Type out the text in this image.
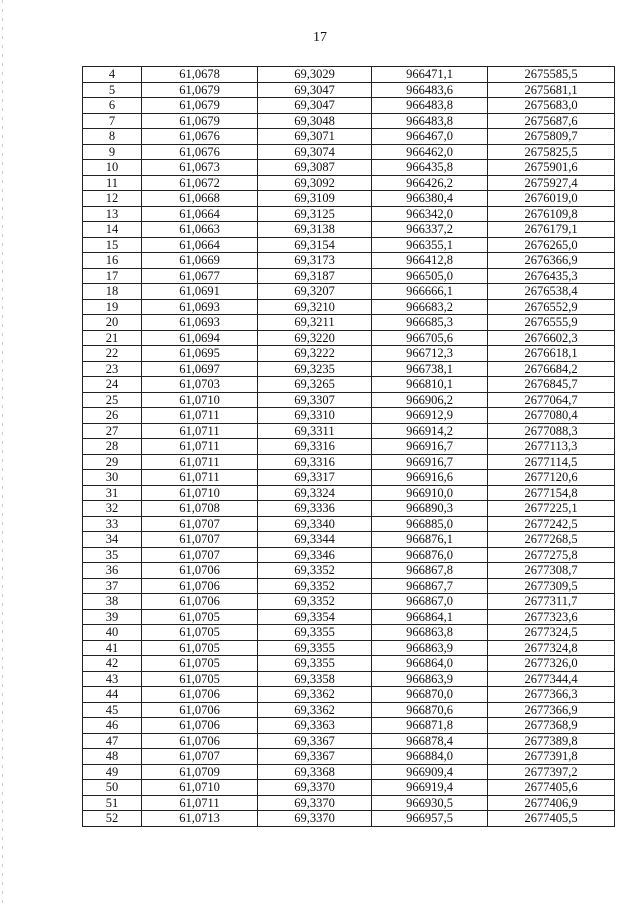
17
4	61,0678	69,3029	966471,1	2675585,5
5	61,0679	69,3047	966483,6	2675681,1
6	61,0679	69,3047	966483,8	2675683,0
7	61,0679	69,3048	966483,8	2675687,6
8	61,0676	69,3071	966467,0	2675809,7
9	61,0676	69,3074	966462,0	2675825,5
10	61,0673	69,3087	966435,8	2675901,6
11	61,0672	69,3092	966426,2	2675927,4
12	61,0668	69,3109	966380,4	2676019,0
13	61,0664	69,3125	966342,0	2676109,8
14	61,0663	69,3138	966337,2	2676179,1
15	61,0664	69,3154	966355,1	2676265,0
16	61,0669	69,3173	966412,8	2676366,9
17	61,0677	69,3187	966505,0	2676435,3
18	61,0691	69,3207	966666,1	2676538,4
19	61,0693	69,3210	966683,2	2676552,9
20	61,0693	69,3211	966685,3	2676555,9
21	61,0694	69,3220	966705,6	2676602,3
22	61,0695	69,3222	966712,3	2676618,1
23	61,0697	69,3235	966738,1	2676684,2
24	61,0703	69,3265	966810,1	2676845,7
25	61,0710	69,3307	966906,2	2677064,7
26	61,0711	69,3310	966912,9	2677080,4
27	61,0711	69,3311	966914,2	2677088,3
28	61,0711	69,3316	966916,7	2677113,3
29	61,0711	69,3316	966916,7	2677114,5
30	61,0711	69,3317	966916,6	2677120,6
31	61,0710	69,3324	966910,0	2677154,8
32	61,0708	69,3336	966890,3	2677225,1
33	61,0707	69,3340	966885,0	2677242,5
34	61,0707	69,3344	966876,1	2677268,5
35	61,0707	69,3346	966876,0	2677275,8
36	61,0706	69,3352	966867,8	2677308,7
37	61,0706	69,3352	966867,7	2677309,5
38	61,0706	69,3352	966867,0	2677311,7
39	61,0705	69,3354	966864,1	2677323,6
40	61,0705	69,3355	966863,8	2677324,5
41	61,0705	69,3355	966863,9	2677324,8
42	61,0705	69,3355	966864,0	2677326,0
43	61,0705	69,3358	966863,9	2677344,4
44	61,0706	69,3362	966870,0	2677366,3
45	61,0706	69,3362	966870,6	2677366,9
46	61,0706	69,3363	966871,8	2677368,9
47	61,0706	69,3367	966878,4	2677389,8
48	61,0707	69,3367	966884,0	2677391,8
49	61,0709	69,3368	966909,4	2677397,2
50	61,0710	69,3370	966919,4	2677405,6
51	61,0711	69,3370	966930,5	2677406,9
52	61,0713	69,3370	966957,5	2677405,5
